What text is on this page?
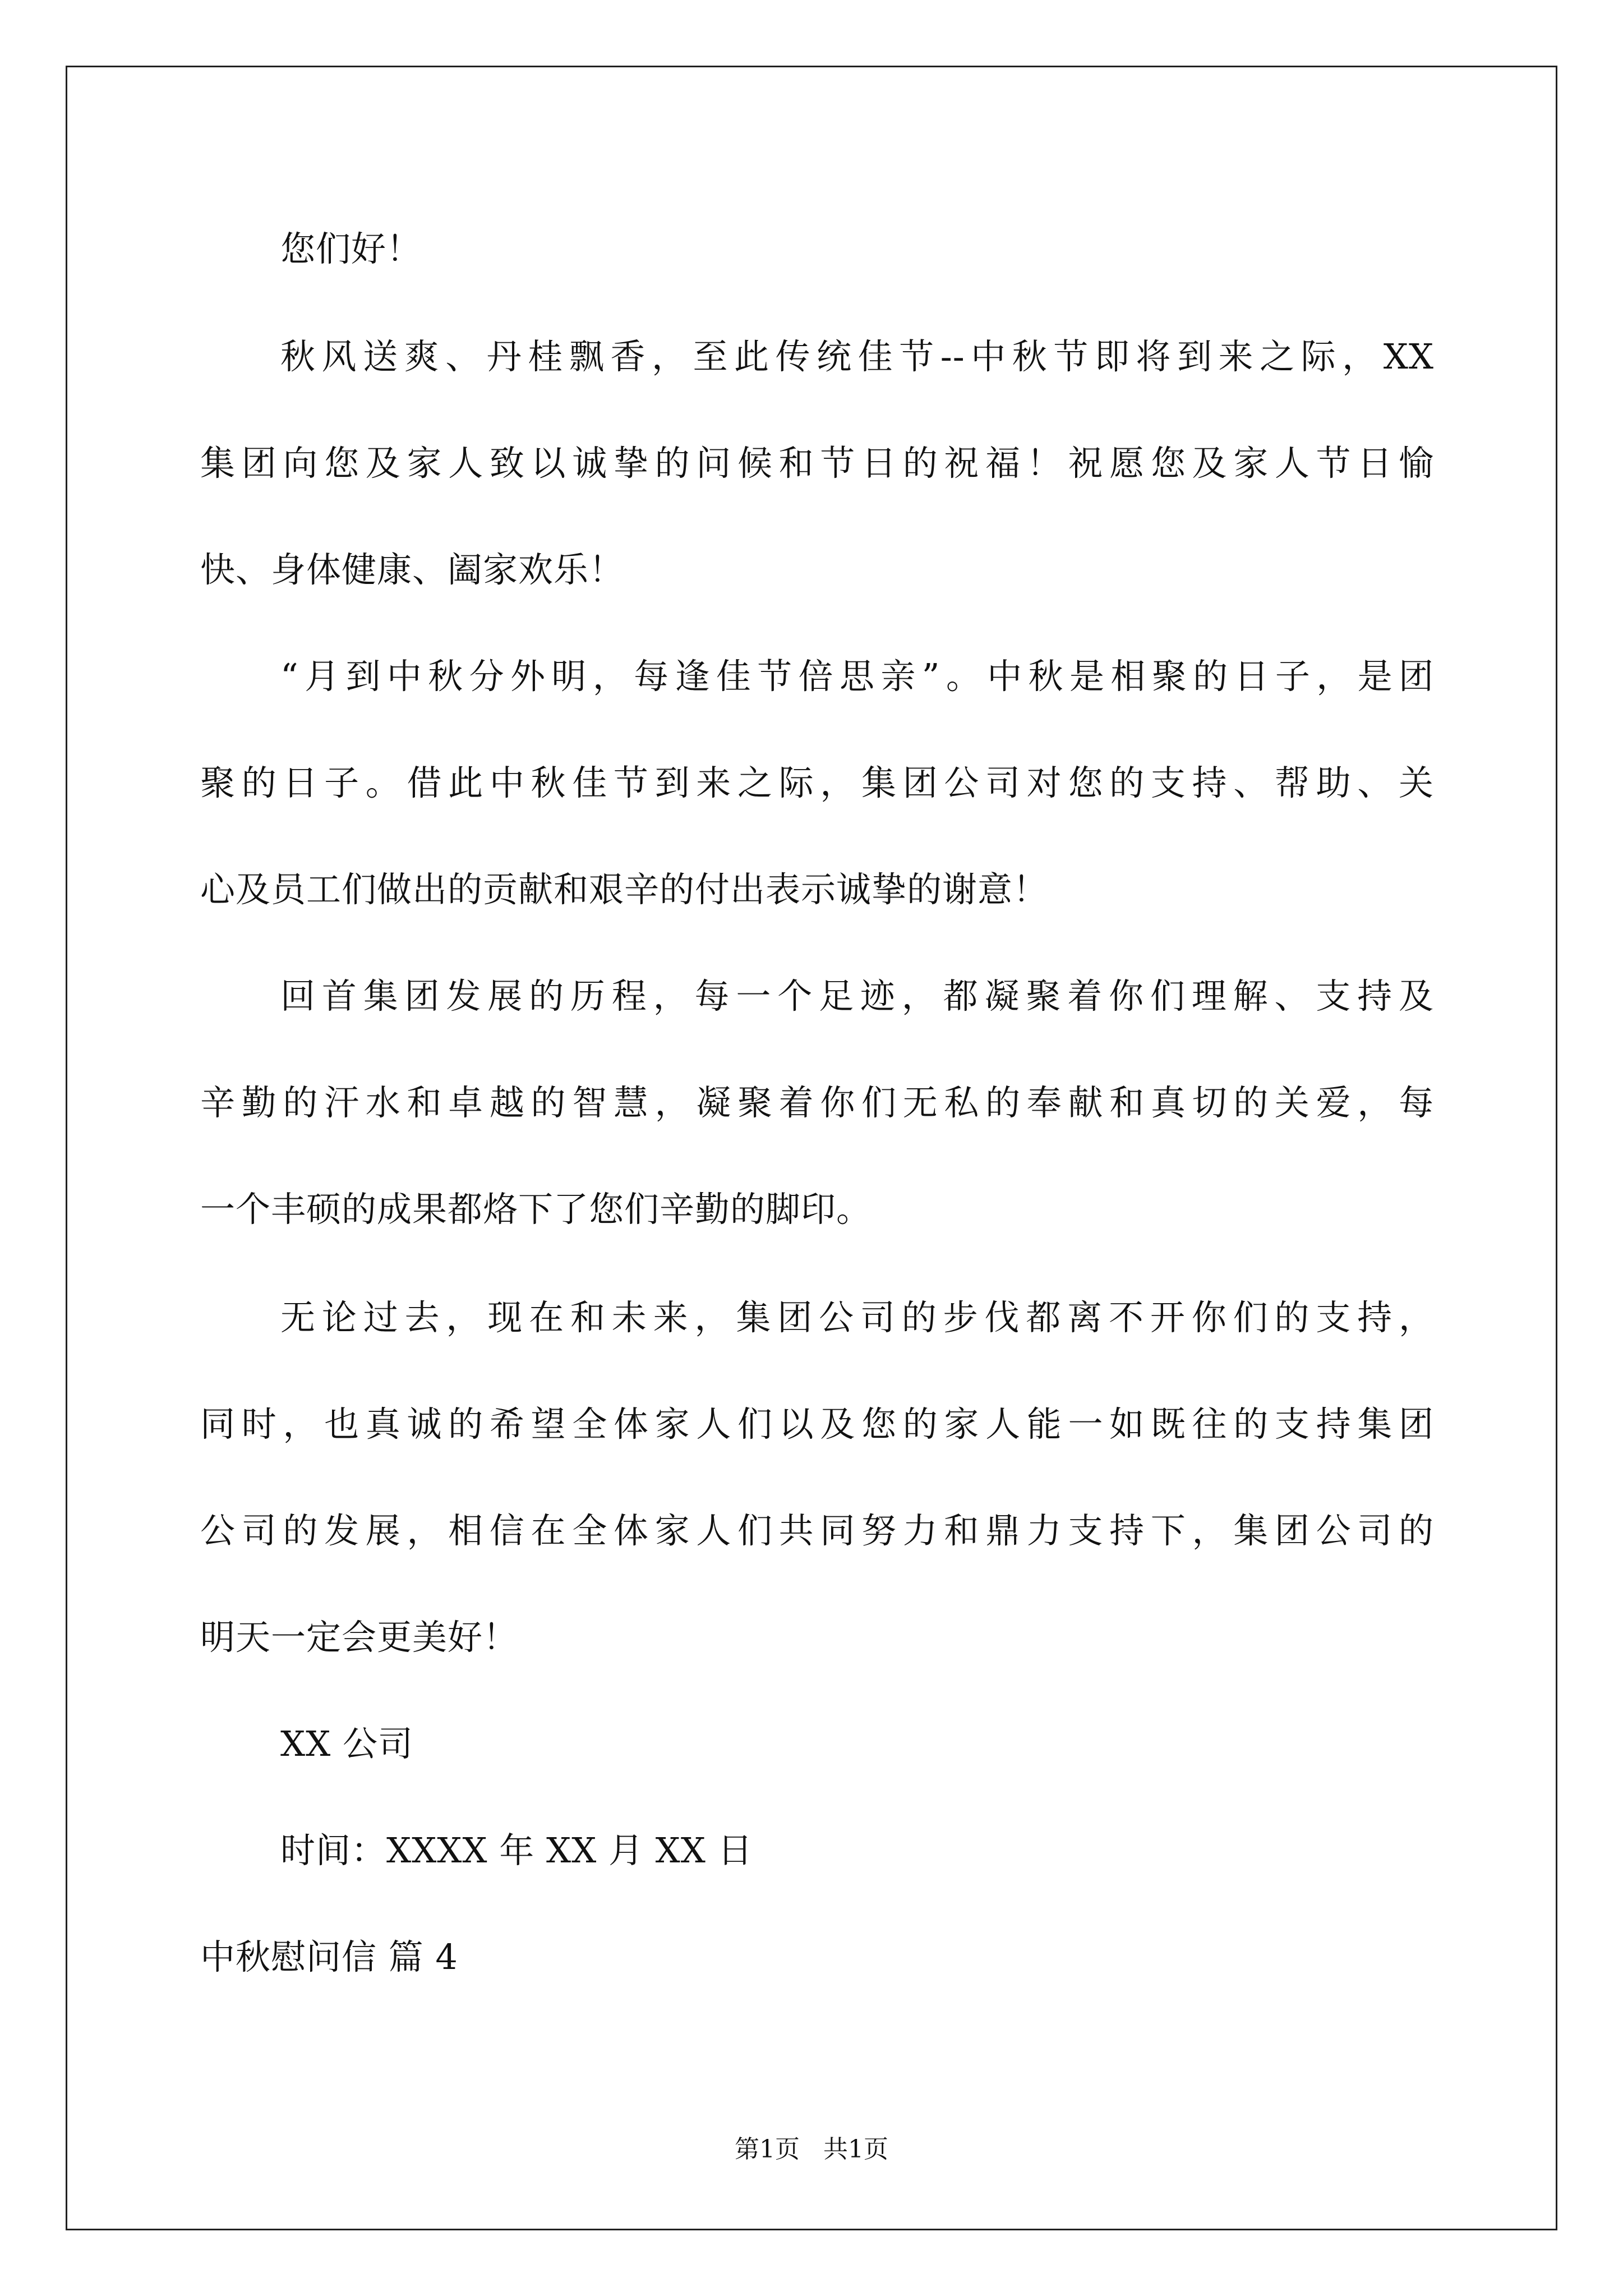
您们好！
秋风送爽、丹桂飘香，至此传统佳节--中秋节即将到来之际，XX
集团向您及家人致以诚挚的问候和节日的祝福！祝愿您及家人节日愉
快、身体健康、阖家欢乐！
“月到中秋分外明，每逢佳节倍思亲”。中秋是相聚的日子，是团
聚的日子。借此中秋佳节到来之际，集团公司对您的支持、帮助、关
心及员工们做出的贡献和艰辛的付出表示诚挚的谢意！
回首集团发展的历程，每一个足迹，都凝聚着你们理解、支持及
辛勤的汗水和卓越的智慧，凝聚着你们无私的奉献和真切的关爱，每
一个丰硕的成果都烙下了您们辛勤的脚印。
无论过去，现在和未来，集团公司的步伐都离不开你们的支持，
同时，也真诚的希望全体家人们以及您的家人能一如既往的支持集团
公司的发展，相信在全体家人们共同努力和鼎力支持下，集团公司的
明天一定会更美好！
XX 公司
时间：XXXX 年 XX 月 XX 日
中秋慰问信 篇 4
第1页   共1页
